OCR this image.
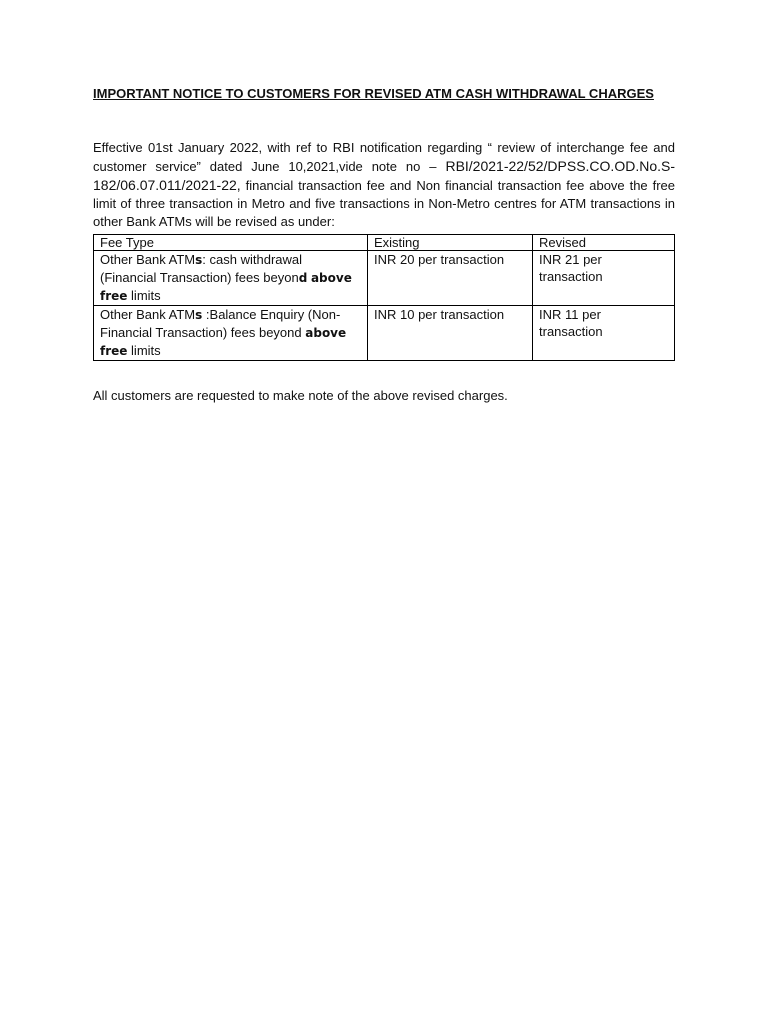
IMPORTANT NOTICE TO CUSTOMERS FOR REVISED ATM CASH WITHDRAWAL CHARGES

Effective 01st January 2022, with ref to RBI notification regarding “ review of interchange fee and customer service” dated June 10,2021,vide note no – RBI/2021-22/52/DPSS.CO.OD.No.S-182/06.07.011/2021-22, financial transaction fee and Non financial transaction fee above the free limit of three transaction in Metro and five transactions in Non-Metro centres for ATM transactions in other Bank ATMs will be revised as under:
Fee Type	Existing	Revised
Other Bank ATMs: cash withdrawal (Financial Transaction) fees beyond above free limits	INR 20 per transaction	INR 21 per transaction
Other Bank ATMs :Balance Enquiry (Non- Financial Transaction) fees beyond above free limits	INR 10 per transaction	INR 11 per transaction

All customers are requested to make note of the above revised charges.
